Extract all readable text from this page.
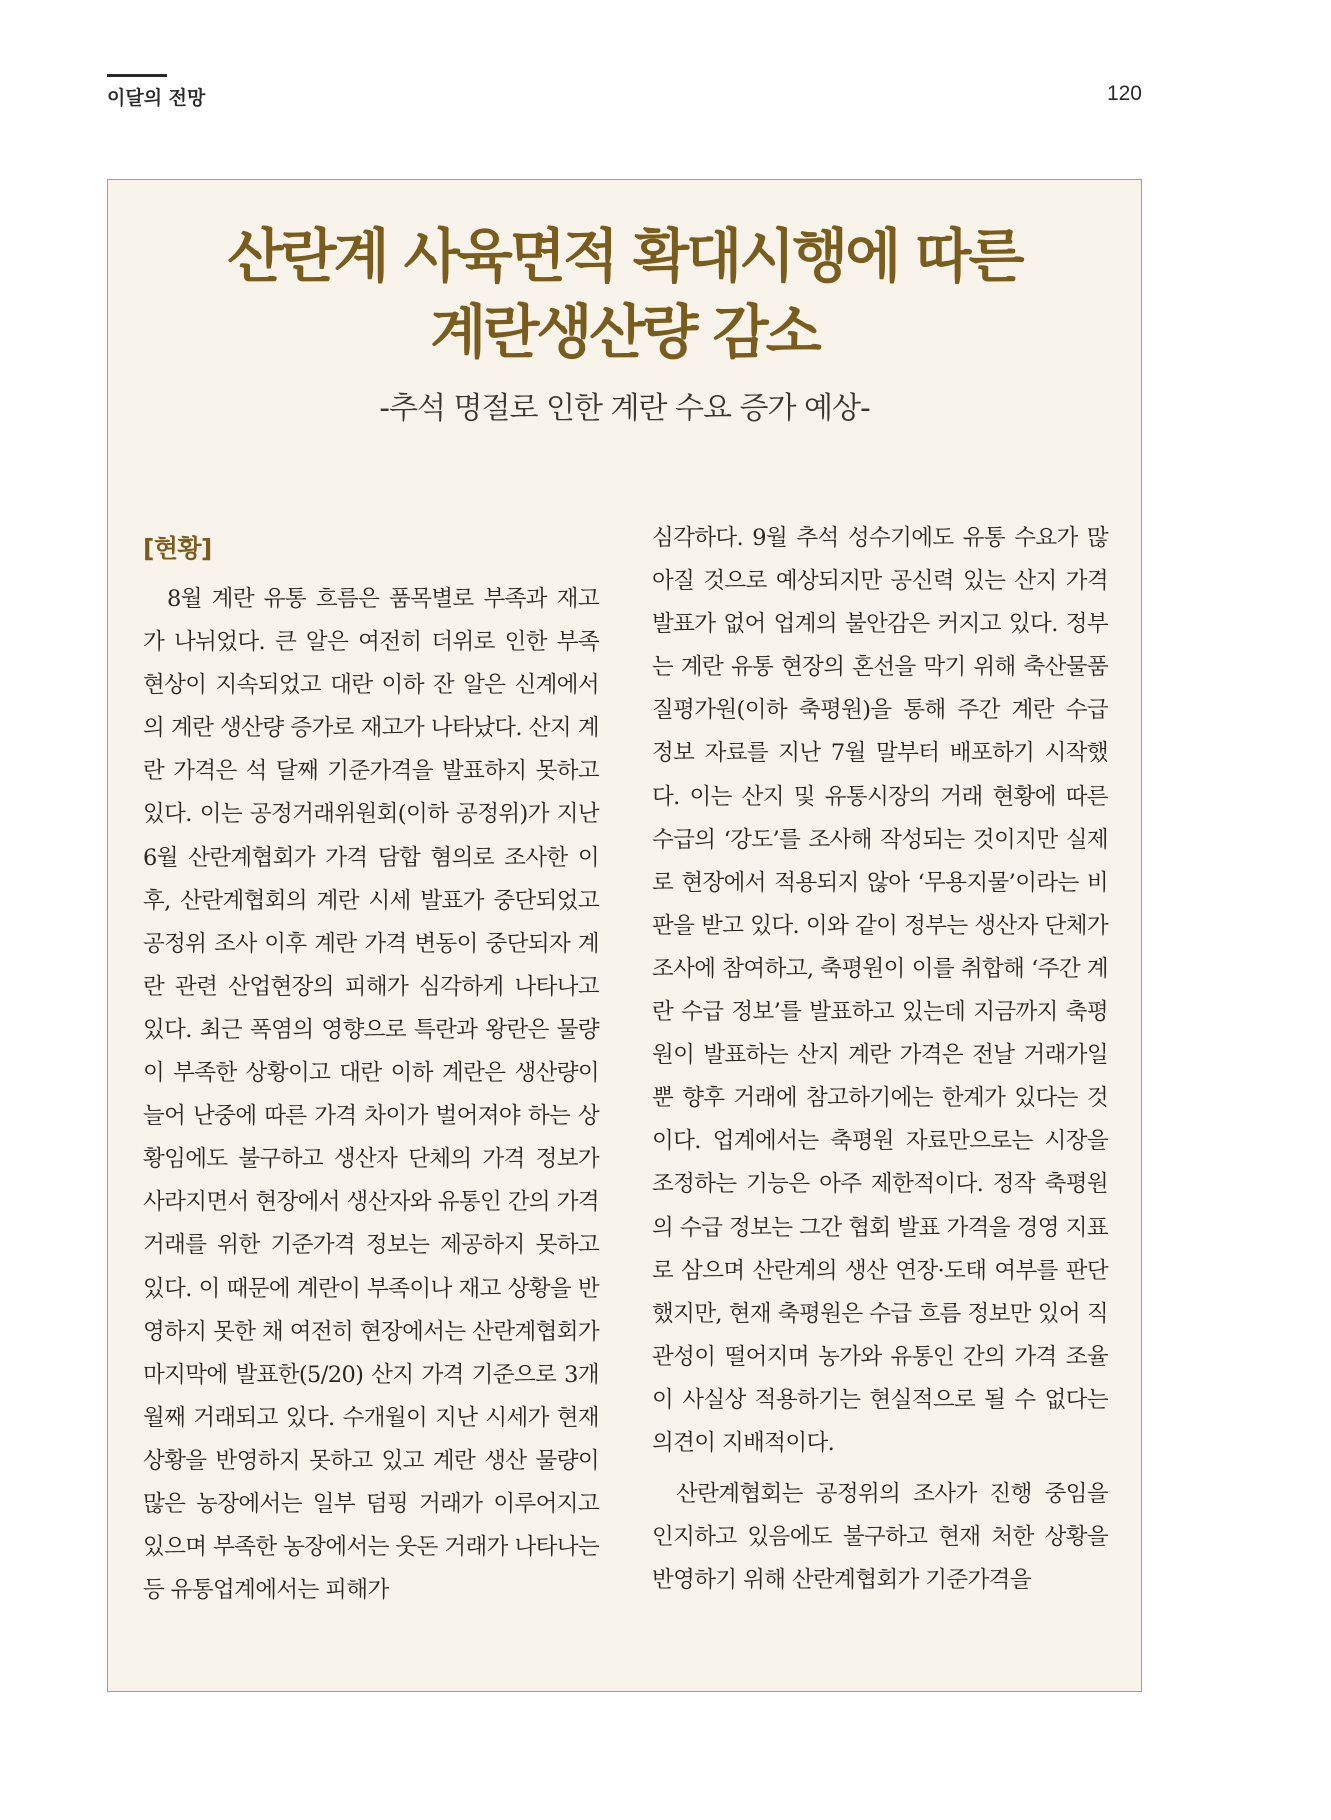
이달의 전망	120
산란계 사육면적 확대시행에 따른
계란생산량 감소
-추석 명절로 인한 계란 수요 증가 예상-
[현황]

8월 계란 유통 흐름은 품목별로 부족과 재고가 나뉘었다. 큰 알은 여전히 더위로 인한 부족 현상이 지속되었고 대란 이하 잔 알은 신계에서의 계란 생산량 증가로 재고가 나타났다. 산지 계란 가격은 석 달째 기준가격을 발표하지 못하고 있다. 이는 공정거래위원회(이하 공정위)가 지난 6월 산란계협회가 가격 담합 혐의로 조사한 이후, 산란계협회의 계란 시세 발표가 중단되었고 공정위 조사 이후 계란 가격 변동이 중단되자 계란 관련 산업현장의 피해가 심각하게 나타나고 있다. 최근 폭염의 영향으로 특란과 왕란은 물량이 부족한 상황이고 대란 이하 계란은 생산량이 늘어 난중에 따른 가격 차이가 벌어져야 하는 상황임에도 불구하고 생산자 단체의 가격 정보가 사라지면서 현장에서 생산자와 유통인 간의 가격 거래를 위한 기준가격 정보는 제공하지 못하고 있다. 이 때문에 계란이 부족이나 재고 상황을 반영하지 못한 채 여전히 현장에서는 산란계협회가 마지막에 발표한(5/20) 산지 가격 기준으로 3개월째 거래되고 있다. 수개월이 지난 시세가 현재 상황을 반영하지 못하고 있고 계란 생산 물량이 많은 농장에서는 일부 덤핑 거래가 이루어지고 있으며 부족한 농장에서는 웃돈 거래가 나타나는 등 유통업계에서는 피해가

심각하다. 9월 추석 성수기에도 유통 수요가 많아질 것으로 예상되지만 공신력 있는 산지 가격 발표가 없어 업계의 불안감은 커지고 있다. 정부는 계란 유통 현장의 혼선을 막기 위해 축산물품질평가원(이하 축평원)을 통해 주간 계란 수급 정보 자료를 지난 7월 말부터 배포하기 시작했다. 이는 산지 및 유통시장의 거래 현황에 따른 수급의 ‘강도’를 조사해 작성되는 것이지만 실제로 현장에서 적용되지 않아 ‘무용지물’이라는 비판을 받고 있다. 이와 같이 정부는 생산자 단체가 조사에 참여하고, 축평원이 이를 취합해 ‘주간 계란 수급 정보’를 발표하고 있는데 지금까지 축평원이 발표하는 산지 계란 가격은 전날 거래가일 뿐 향후 거래에 참고하기에는 한계가 있다는 것이다. 업계에서는 축평원 자료만으로는 시장을 조정하는 기능은 아주 제한적이다. 정작 축평원의 수급 정보는 그간 협회 발표 가격을 경영 지표로 삼으며 산란계의 생산 연장·도태 여부를 판단했지만, 현재 축평원은 수급 흐름 정보만 있어 직관성이 떨어지며 농가와 유통인 간의 가격 조율이 사실상 적용하기는 현실적으로 될 수 없다는 의견이 지배적이다.

산란계협회는 공정위의 조사가 진행 중임을 인지하고 있음에도 불구하고 현재 처한 상황을 반영하기 위해 산란계협회가 기준가격을
